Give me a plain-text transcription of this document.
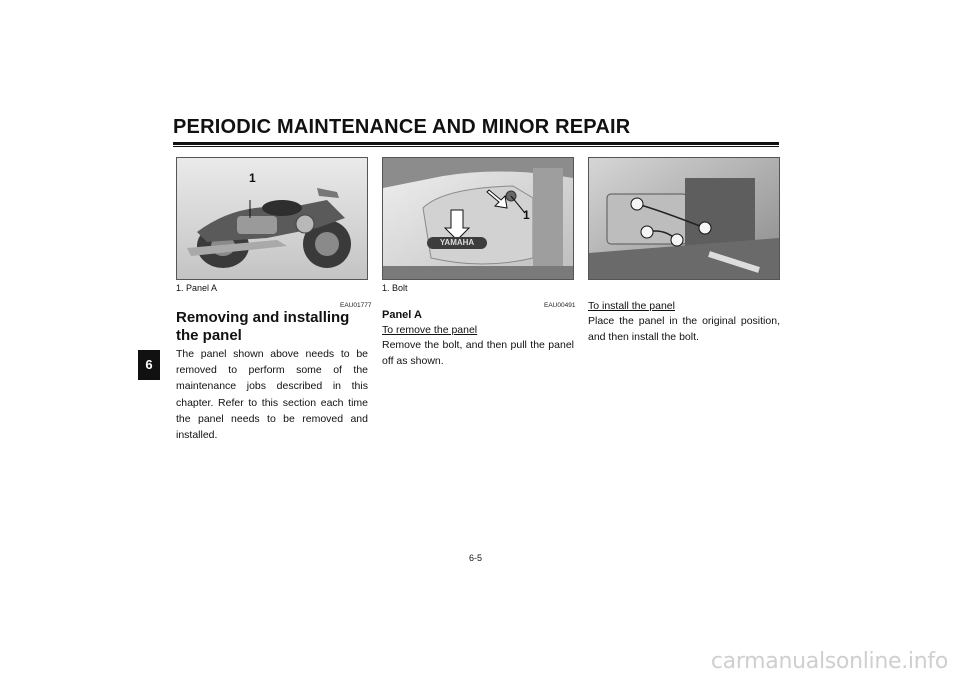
PERIODIC MAINTENANCE AND MINOR REPAIR
6
1
1. Panel A
EAU01777
Removing and installing the panel
The panel shown above needs to be removed to perform some of the maintenance jobs described in this chapter. Refer to this section each time the panel needs to be removed and installed.
YAMAHA
1
1. Bolt
EAU00491
Panel A
To remove the panel
Remove the bolt, and then pull the panel off as shown.
To install the panel
Place the panel in the original position, and then install the bolt.
6-5
carmanualsonline.info
